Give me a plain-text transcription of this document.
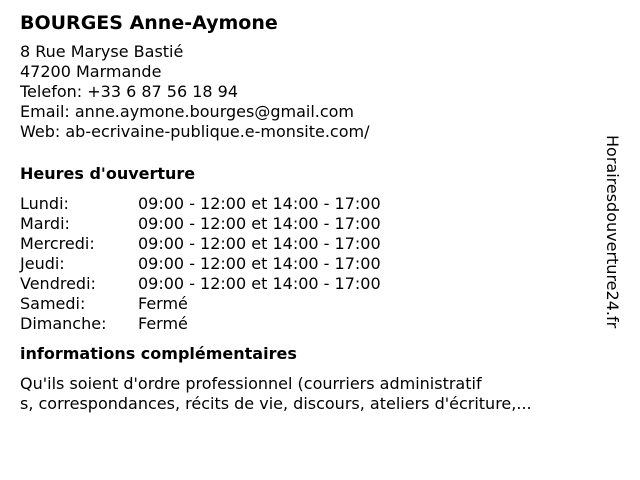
BOURGES Anne-Aymone
8 Rue Maryse Bastié
47200 Marmande
Telefon: +33 6 87 56 18 94
Email: anne.aymone.bourges@gmail.com
Web: ab-ecrivaine-publique.e-monsite.com/
Heures d'ouverture
Lundi:	09:00 - 12:00 et 14:00 - 17:00
Mardi:	09:00 - 12:00 et 14:00 - 17:00
Mercredi:	09:00 - 12:00 et 14:00 - 17:00
Jeudi:	09:00 - 12:00 et 14:00 - 17:00
Vendredi:	09:00 - 12:00 et 14:00 - 17:00
Samedi:	Fermé
Dimanche:	Fermé
informations complémentaires
Qu'ils soient d'ordre professionnel (courriers administratif
s, correspondances, récits de vie, discours, ateliers d'écriture,...
Horairesdouverture24.fr
